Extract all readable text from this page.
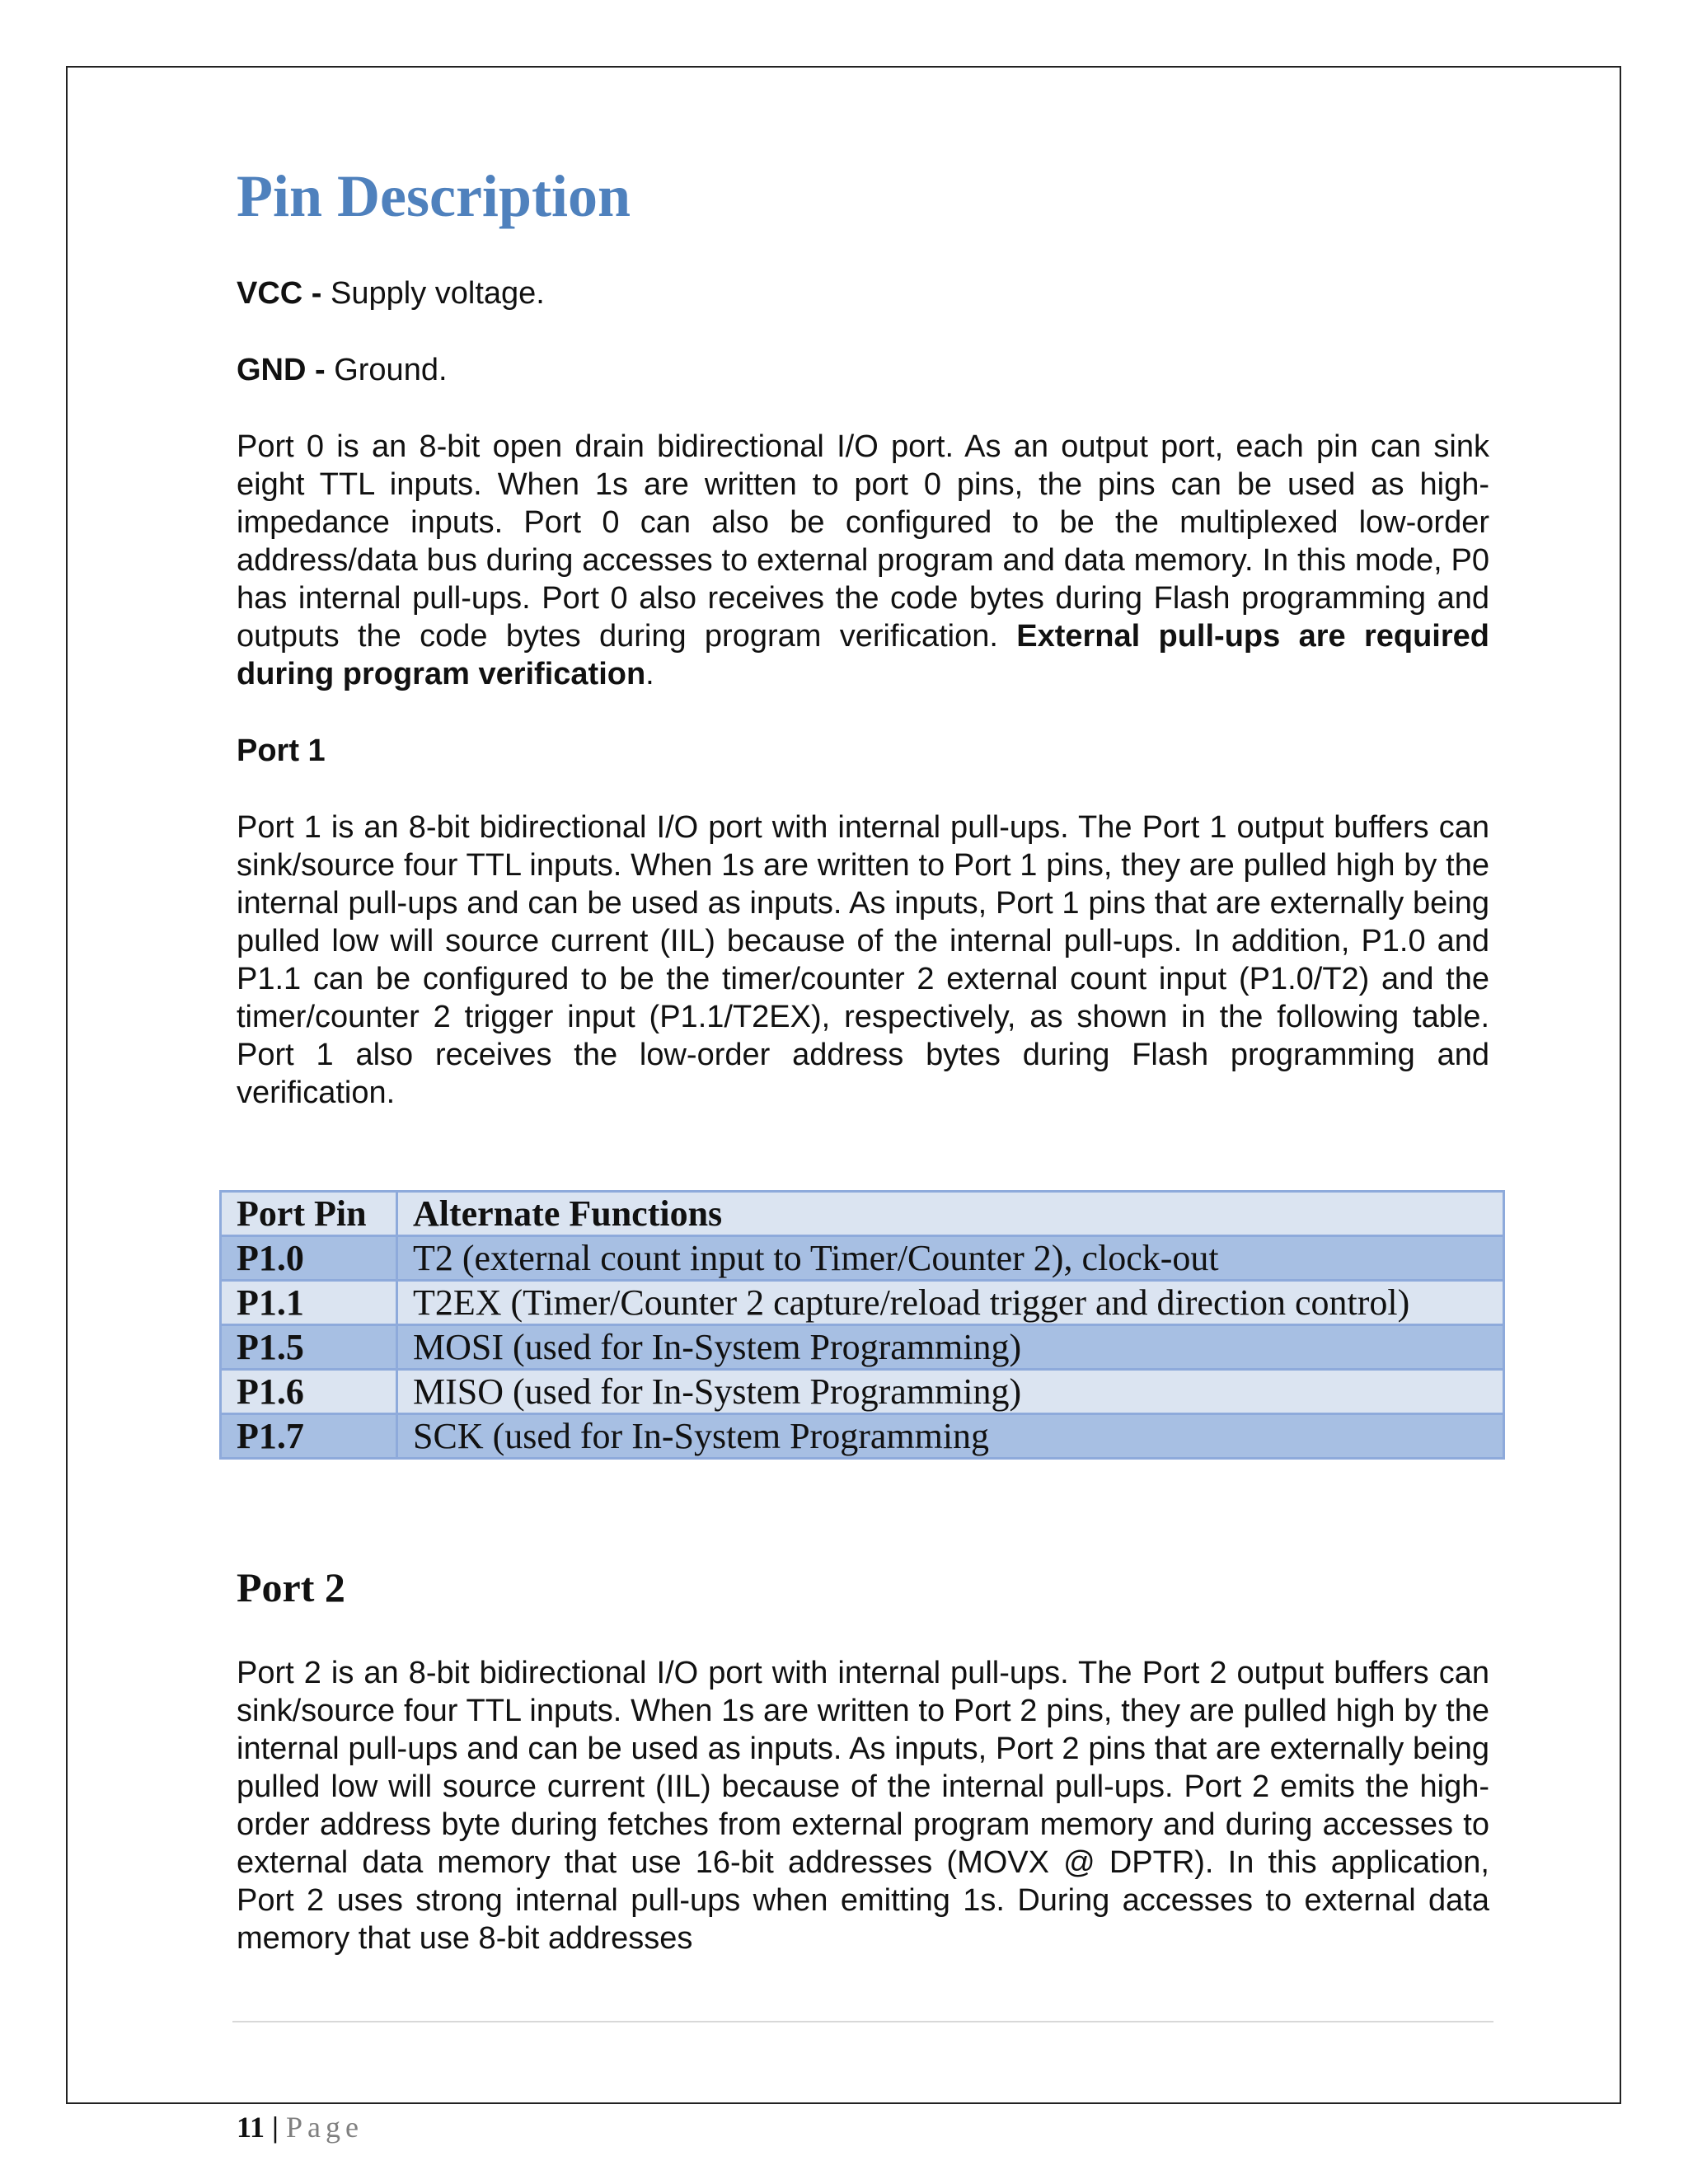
Pin Description

VCC - Supply voltage.

GND - Ground.

Port 0 is an 8-bit open drain bidirectional I/O port. As an output port, each pin can sink eight TTL inputs. When 1s are written to port 0 pins, the pins can be used as high-impedance inputs. Port 0 can also be configured to be the multiplexed low-order address/data bus during accesses to external program and data memory. In this mode, P0 has internal pull-ups. Port 0 also receives the code bytes during Flash programming and outputs the code bytes during program verification. External pull-ups are required during program verification.

Port 1

Port 1 is an 8-bit bidirectional I/O port with internal pull-ups. The Port 1 output buffers can sink/source four TTL inputs. When 1s are written to Port 1 pins, they are pulled high by the internal pull-ups and can be used as inputs. As inputs, Port 1 pins that are externally being pulled low will source current (IIL) because of the internal pull-ups. In addition, P1.0 and P1.1 can be configured to be the timer/counter 2 external count input (P1.0/T2) and the timer/counter 2 trigger input (P1.1/T2EX), respectively, as shown in the following table. Port 1 also receives the low-order address bytes during Flash programming and verification.

Port Pin	Alternate Functions
P1.0	T2 (external count input to Timer/Counter 2), clock-out
P1.1	T2EX (Timer/Counter 2 capture/reload trigger and direction control)
P1.5	MOSI (used for In-System Programming)
P1.6	MISO (used for In-System Programming)
P1.7	SCK (used for In-System Programming
Port 2

Port 2 is an 8-bit bidirectional I/O port with internal pull-ups. The Port 2 output buffers can sink/source four TTL inputs. When 1s are written to Port 2 pins, they are pulled high by the internal pull-ups and can be used as inputs. As inputs, Port 2 pins that are externally being pulled low will source current (IIL) because of the internal pull-ups. Port 2 emits the high-order address byte during fetches from external program memory and during accesses to external data memory that use 16-bit addresses (MOVX @ DPTR). In this application, Port 2 uses strong internal pull-ups when emitting 1s. During accesses to external data memory that use 8-bit addresses

11 | Page
